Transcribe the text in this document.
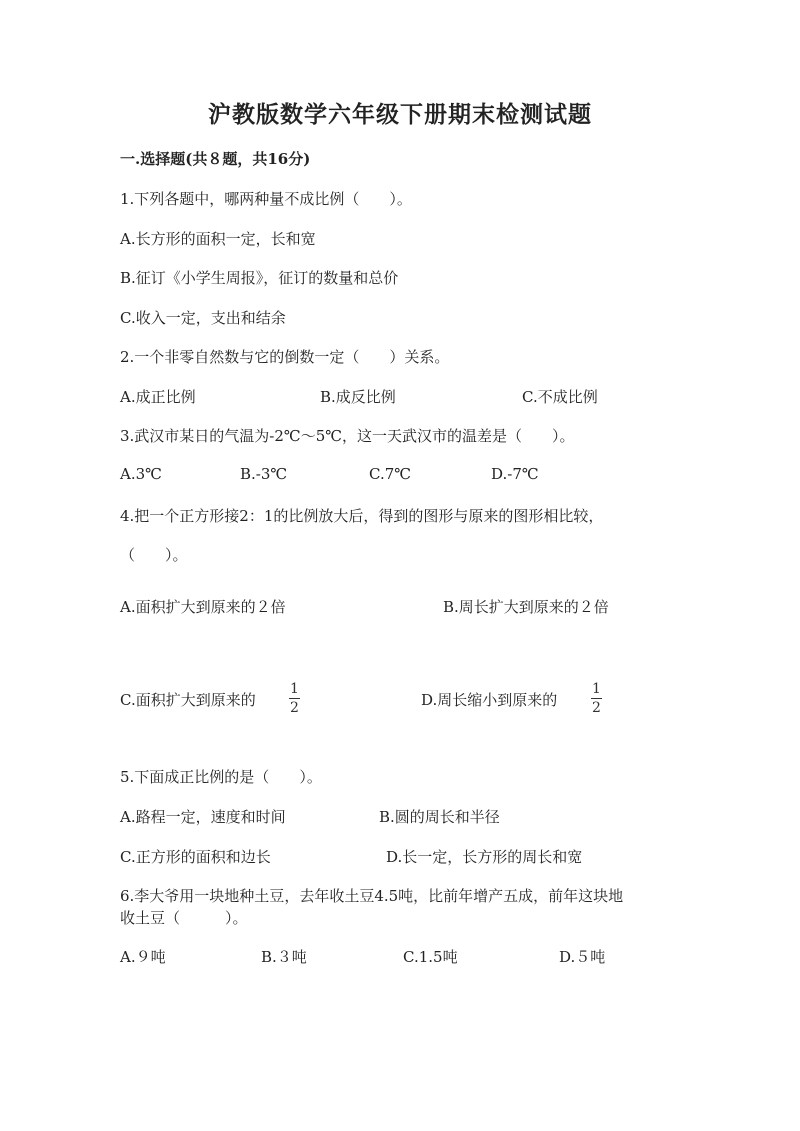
沪教版数学六年级下册期末检测试题
一.选择题(共８题，共16分)
1.下列各题中，哪两种量不成比例（　　）。
A.长方形的面积一定，长和宽
B.征订《小学生周报》，征订的数量和总价
C.收入一定，支出和结余
2.一个非零自然数与它的倒数一定（　　）关系。
A.成正比例	B.成反比例	C.不成比例
3.武汉市某日的气温为-2℃～5℃，这一天武汉市的温差是（　　）。
A.3℃	B.-3℃	C.7℃	D.-7℃
4.把一个正方形接2：1的比例放大后，得到的图形与原来的图形相比较，
（　　）。
A.面积扩大到原来的２倍	B.周长扩大到原来的２倍
C.面积扩大到原来的
1
2	D.周长缩小到原来的
1
2
5.下面成正比例的是（　　）。
A.路程一定，速度和时间	B.圆的周长和半径
C.正方形的面积和边长	D.长一定，长方形的周长和宽
6.李大爷用一块地种土豆，去年收土豆4.5吨，比前年增产五成，前年这块地
收土豆（　　　）。
A.９吨	B.３吨	C.1.5吨	D.５吨
